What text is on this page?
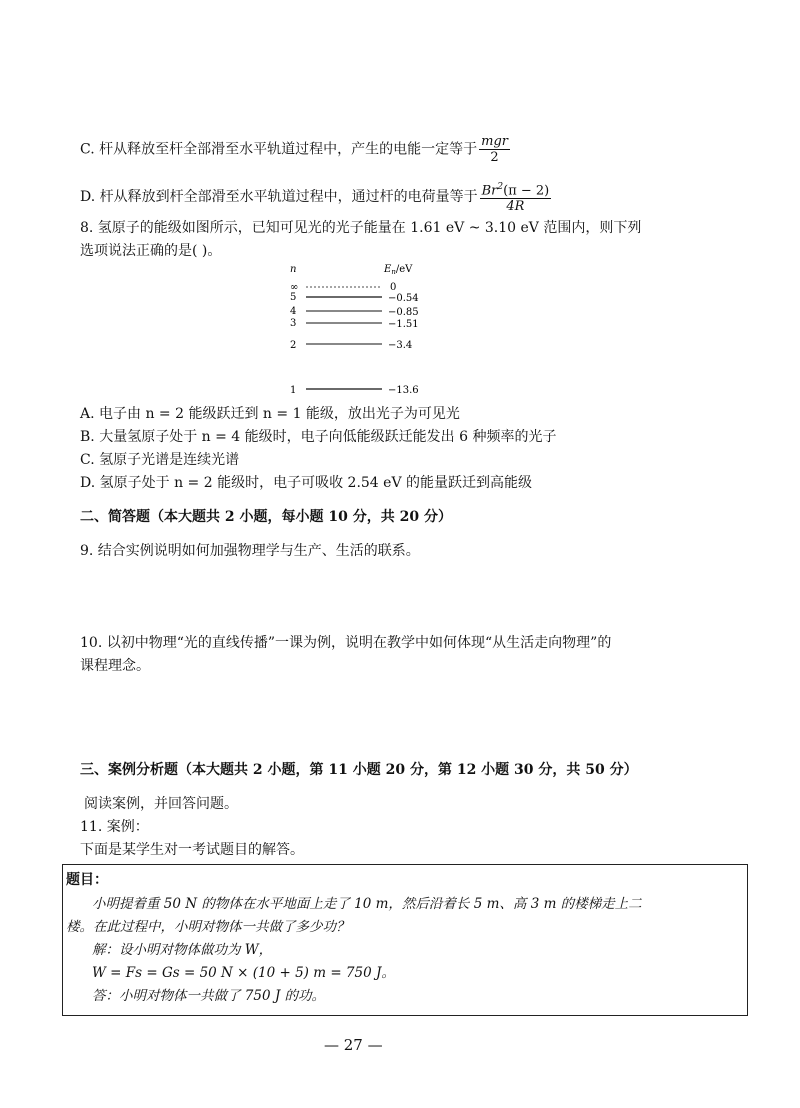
C. 杆从释放至杆全部滑至水平轨道过程中，产生的电能一定等于 $\frac{\text{mgr}}{2}$
D. 杆从释放到杆全部滑至水平轨道过程中，通过杆的电荷量等于 $\frac{Br^2(\pi - 2)}{4R}$
8. 氢原子的能级如图所示，已知可见光的光子能量在 1.61 eV ~ 3.10 eV 范围内，则下列
选项说法正确的是( )。
n	$E_n/eV$
∞	0
5	−0.54
4	−0.85
3	−1.51
2	−3.4
1	−13.6
A. 电子由 n = 2 能级跃迁到 n = 1 能级，放出光子为可见光
B. 大量氢原子处于 n = 4 能级时，电子向低能级跃迁能发出 6 种频率的光子
C. 氢原子光谱是连续光谱
D. 氢原子处于 n = 2 能级时，电子可吸收 2.54 eV 的能量跃迁到高能级
二、简答题（本大题共 2 小题，每小题 10 分，共 20 分）
9. 结合实例说明如何加强物理学与生产、生活的联系。
10. 以初中物理“光的直线传播”一课为例，说明在教学中如何体现“从生活走向物理”的
课程理念。
三、案例分析题（本大题共 2 小题，第 11 小题 20 分，第 12 小题 30 分，共 50 分）
阅读案例，并回答问题。
11. 案例：
下面是某学生对一考试题目的解答。
题目：
小明提着重 50 N 的物体在水平地面上走了 10 m，然后沿着长 5 m、高 3 m 的楼梯走上二
楼。在此过程中，小明对物体一共做了多少功？
解：设小明对物体做功为 W，
W = Fs = Gs = 50 N × (10 + 5) m = 750 J。
答：小明对物体一共做了 750 J 的功。
— 27 —
